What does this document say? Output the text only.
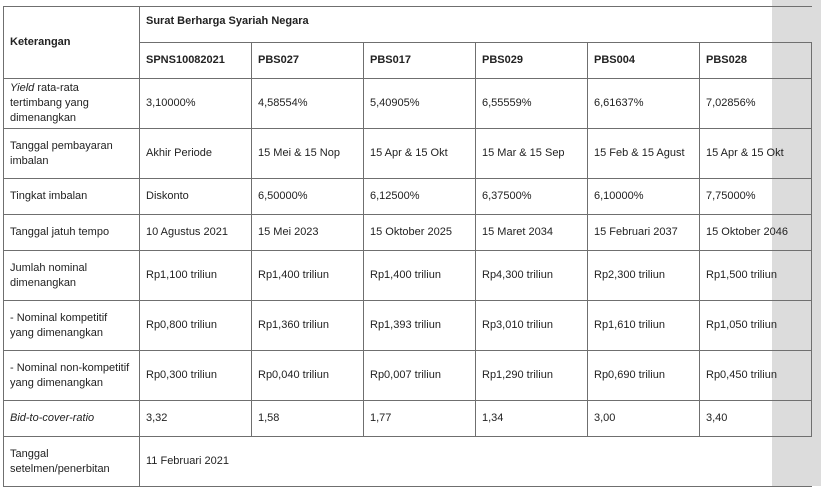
Keterangan	Surat Berharga Syariah Negara					
	SPNS10082021	PBS027	PBS017	PBS029	PBS004	PBS028
Yield rata-rata tertimbang yang dimenangkan	3,10000%	4,58554%	5,40905%	6,55559%	6,61637%	7,02856%
Tanggal pembayaran imbalan	Akhir Periode	15 Mei & 15 Nop	15 Apr & 15 Okt	15 Mar & 15 Sep	15 Feb & 15 Agust	15 Apr & 15 Okt
Tingkat imbalan	Diskonto	6,50000%	6,12500%	6,37500%	6,10000%	7,75000%
Tanggal jatuh tempo	10 Agustus 2021	15 Mei 2023	15 Oktober 2025	15 Maret 2034	15 Februari 2037	15 Oktober 2046
Jumlah nominal dimenangkan	Rp1,100 triliun	Rp1,400 triliun	Rp1,400 triliun	Rp4,300 triliun	Rp2,300 triliun	Rp1,500 triliun
- Nominal kompetitif yang dimenangkan	Rp0,800 triliun	Rp1,360 triliun	Rp1,393 triliun	Rp3,010 triliun	Rp1,610 triliun	Rp1,050 triliun
- Nominal non-kompetitif yang dimenangkan	Rp0,300 triliun	Rp0,040 triliun	Rp0,007 triliun	Rp1,290 triliun	Rp0,690 triliun	Rp0,450 triliun
Bid-to-cover-ratio	3,32	1,58	1,77	1,34	3,00	3,40
Tanggal setelmen/penerbitan	11 Februari 2021					
